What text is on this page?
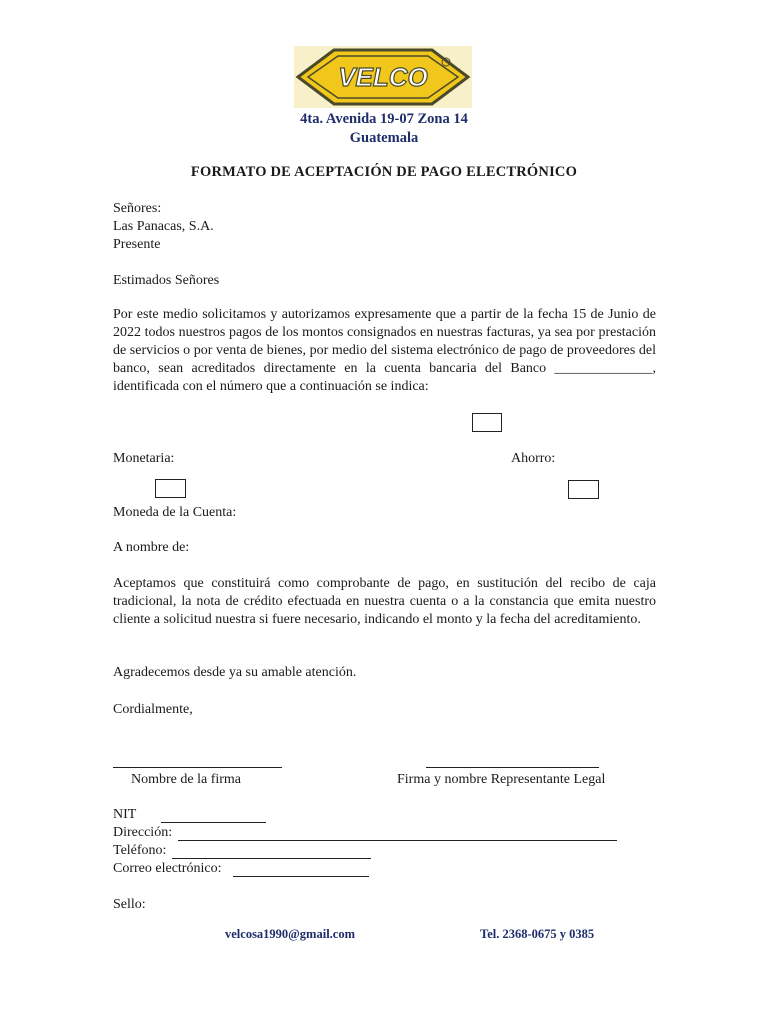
VELCO
4ta. Avenida 19-07 Zona 14
Guatemala
FORMATO DE ACEPTACIÓN DE PAGO ELECTRÓNICO
Señores:
Las Panacas, S.A.
Presente
Estimados Señores
Por este medio solicitamos y autorizamos expresamente que a partir de la fecha 15 de Junio de 2022 todos nuestros pagos de los montos consignados en nuestras facturas, ya sea por prestación de servicios o por venta de bienes, por medio del sistema electrónico de pago de proveedores del banco, sean acreditados directamente en la cuenta bancaria del Banco ______________, identificada con el número que a continuación se indica:
Monetaria:	Ahorro:
Moneda de la Cuenta:
A nombre de:
Aceptamos que constituirá como comprobante de pago, en sustitución del recibo de caja tradicional, la nota de crédito efectuada en nuestra cuenta o a la constancia que emita nuestro cliente a solicitud nuestra si fuere necesario, indicando el monto y la fecha del acreditamiento.
Agradecemos desde ya su amable atención.
Cordialmente,
Nombre de la firma	Firma y nombre Representante Legal
NIT
Dirección:
Teléfono:
Correo electrónico:
Sello:
velcosa1990@gmail.com	Tel. 2368-0675 y 0385
